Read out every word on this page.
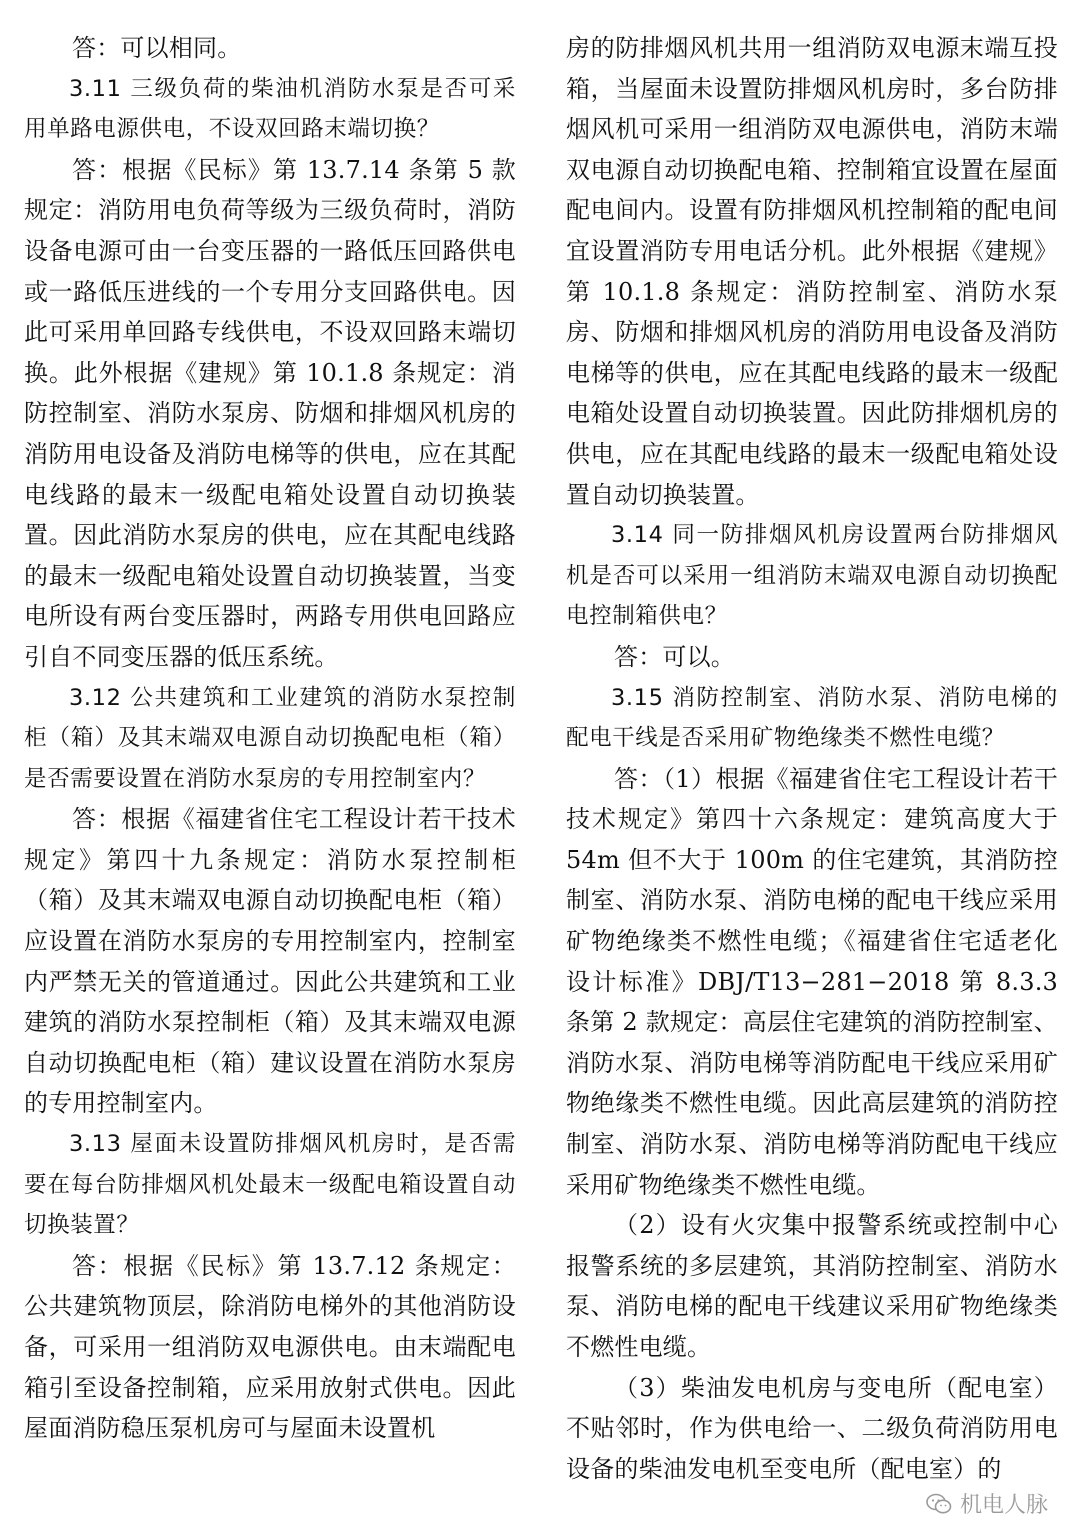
答：可以相同。

3.11 三级负荷的柴油机消防水泵是否可采用单路电源供电，不设双回路末端切换？

答：根据《民标》第 13.7.14 条第 5 款规定：消防用电负荷等级为三级负荷时，消防设备电源可由一台变压器的一路低压回路供电或一路低压进线的一个专用分支回路供电。因此可采用单回路专线供电，不设双回路末端切换。此外根据《建规》第 10.1.8 条规定：消防控制室、消防水泵房、防烟和排烟风机房的消防用电设备及消防电梯等的供电，应在其配电线路的最末一级配电箱处设置自动切换装置。因此消防水泵房的供电，应在其配电线路的最末一级配电箱处设置自动切换装置，当变电所设有两台变压器时，两路专用供电回路应引自不同变压器的低压系统。

3.12 公共建筑和工业建筑的消防水泵控制柜（箱）及其末端双电源自动切换配电柜（箱）是否需要设置在消防水泵房的专用控制室内？

答：根据《福建省住宅工程设计若干技术规定》第四十九条规定：消防水泵控制柜（箱）及其末端双电源自动切换配电柜（箱）应设置在消防水泵房的专用控制室内，控制室内严禁无关的管道通过。因此公共建筑和工业建筑的消防水泵控制柜（箱）及其末端双电源自动切换配电柜（箱）建议设置在消防水泵房的专用控制室内。

3.13 屋面未设置防排烟风机房时，是否需要在每台防排烟风机处最末一级配电箱设置自动切换装置？

答：根据《民标》第 13.7.12 条规定：公共建筑物顶层，除消防电梯外的其他消防设备，可采用一组消防双电源供电。由末端配电箱引至设备控制箱，应采用放射式供电。因此屋面消防稳压泵机房可与屋面未设置机

房的防排烟风机共用一组消防双电源末端互投箱，当屋面未设置防排烟风机房时，多台防排烟风机可采用一组消防双电源供电，消防末端双电源自动切换配电箱、控制箱宜设置在屋面配电间内。设置有防排烟风机控制箱的配电间宜设置消防专用电话分机。此外根据《建规》第 10.1.8 条规定：消防控制室、消防水泵房、防烟和排烟风机房的消防用电设备及消防电梯等的供电，应在其配电线路的最末一级配电箱处设置自动切换装置。因此防排烟机房的供电，应在其配电线路的最末一级配电箱处设置自动切换装置。

3.14 同一防排烟风机房设置两台防排烟风机是否可以采用一组消防末端双电源自动切换配电控制箱供电？

答：可以。

3.15 消防控制室、消防水泵、消防电梯的配电干线是否采用矿物绝缘类不燃性电缆？

答：（1）根据《福建省住宅工程设计若干技术规定》第四十六条规定：建筑高度大于 54m 但不大于 100m 的住宅建筑，其消防控制室、消防水泵、消防电梯的配电干线应采用矿物绝缘类不燃性电缆；《福建省住宅适老化设计标准》DBJ/T13−281−2018 第 8.3.3 条第 2 款规定：高层住宅建筑的消防控制室、消防水泵、消防电梯等消防配电干线应采用矿物绝缘类不燃性电缆。因此高层建筑的消防控制室、消防水泵、消防电梯等消防配电干线应采用矿物绝缘类不燃性电缆。

（2）设有火灾集中报警系统或控制中心报警系统的多层建筑，其消防控制室、消防水泵、消防电梯的配电干线建议采用矿物绝缘类不燃性电缆。

（3）柴油发电机房与变电所（配电室）不贴邻时，作为供电给一、二级负荷消防用电设备的柴油发电机至变电所（配电室）的

机电人脉
